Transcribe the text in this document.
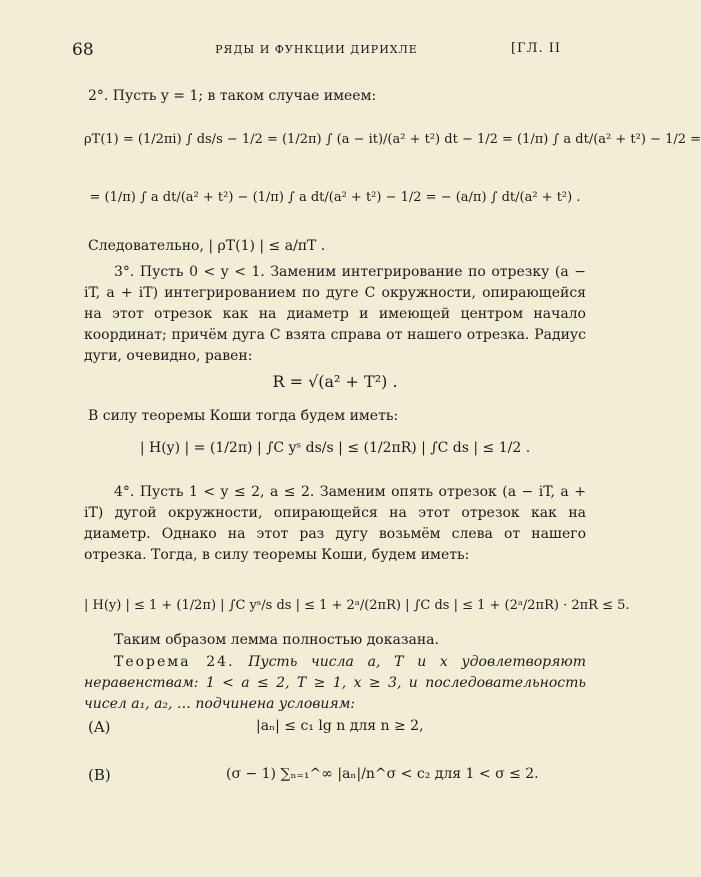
68	РЯДЫ И ФУНКЦИИ ДИРИХЛЕ	[ГЛ. II
2°. Пусть y = 1; в таком случае имеем:
ρT(1) = (1/2πi) ∫ ds/s − 1/2 = (1/2π) ∫ (a − it)/(a² + t²) dt − 1/2 = (1/π) ∫ a dt/(a² + t²) − 1/2 =
= (1/π) ∫ a dt/(a² + t²) − (1/π) ∫ a dt/(a² + t²) − 1/2 = − (a/π) ∫ dt/(a² + t²) .
Следовательно, | ρT(1) | ≤ a/πT .
3°. Пусть 0 < y < 1. Заменим интегрирование по отрезку (a − iT, a + iT) интегрированием по дуге C окружности, опирающейся на этот отрезок как на диаметр и имеющей центром начало координат; причём дуга C взята справа от нашего отрезка. Радиус дуги, очевидно, равен:
R = √(a² + T²) .
В силу теоремы Коши тогда будем иметь:
| H(y) | = (1/2π) | ∫C yˢ ds/s | ≤ (1/2πR) | ∫C ds | ≤ 1/2 .
4°. Пусть 1 < y ≤ 2, a ≤ 2. Заменим опять отрезок (a − iT, a + iT) дугой окружности, опирающейся на этот отрезок как на диаметр. Однако на этот раз дугу возьмём слева от нашего отрезка. Тогда, в силу теоремы Коши, будем иметь:
| H(y) | ≤ 1 + (1/2π) | ∫C yˢ/s ds | ≤ 1 + 2ᵃ/(2πR) | ∫C ds | ≤ 1 + (2ᵃ/2πR) · 2πR ≤ 5.
Таким образом лемма полностью доказана.
Теорема 24. Пусть числа a, T и x удовлетворяют неравенствам: 1 < a ≤ 2, T ≥ 1, x ≥ 3, и последовательность чисел a₁, a₂, … подчинена условиям:
(A)	|aₙ| ≤ c₁ lg n для n ≥ 2,
(B)	(σ − 1) ∑ₙ₌₁^∞ |aₙ|/n^σ < c₂ для 1 < σ ≤ 2.
